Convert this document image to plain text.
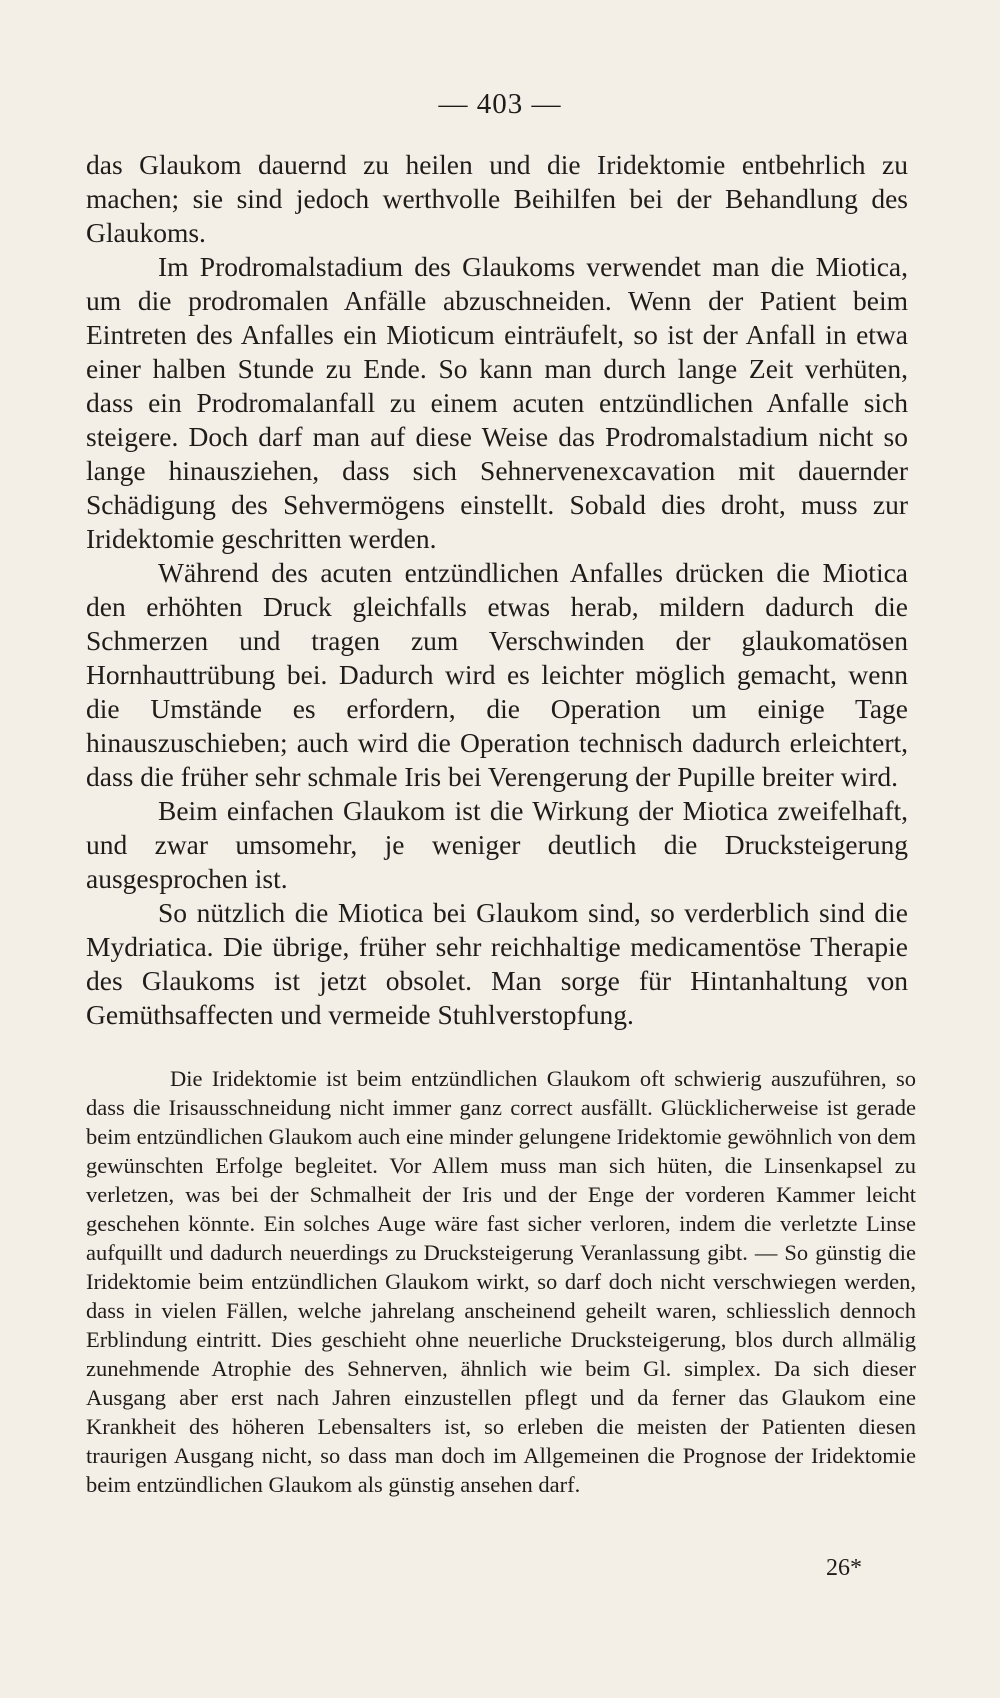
— 403 —

das Glaukom dauernd zu heilen und die Iridektomie entbehrlich zu machen; sie sind jedoch werthvolle Beihilfen bei der Behandlung des Glaukoms.

Im Prodromalstadium des Glaukoms verwendet man die Miotica, um die prodromalen Anfälle abzuschneiden. Wenn der Patient beim Eintreten des Anfalles ein Mioticum einträufelt, so ist der Anfall in etwa einer halben Stunde zu Ende. So kann man durch lange Zeit verhüten, dass ein Prodromalanfall zu einem acuten entzündlichen Anfalle sich steigere. Doch darf man auf diese Weise das Prodromalstadium nicht so lange hinausziehen, dass sich Sehnervenexcavation mit dauernder Schädigung des Sehvermögens einstellt. Sobald dies droht, muss zur Iridektomie geschritten werden.

Während des acuten entzündlichen Anfalles drücken die Miotica den erhöhten Druck gleichfalls etwas herab, mildern dadurch die Schmerzen und tragen zum Verschwinden der glaukomatösen Hornhauttrübung bei. Dadurch wird es leichter möglich gemacht, wenn die Umstände es erfordern, die Operation um einige Tage hinauszuschieben; auch wird die Operation technisch dadurch erleichtert, dass die früher sehr schmale Iris bei Verengerung der Pupille breiter wird.

Beim einfachen Glaukom ist die Wirkung der Miotica zweifelhaft, und zwar umsomehr, je weniger deutlich die Drucksteigerung ausgesprochen ist.

So nützlich die Miotica bei Glaukom sind, so verderblich sind die Mydriatica. Die übrige, früher sehr reichhaltige medicamentöse Therapie des Glaukoms ist jetzt obsolet. Man sorge für Hintanhaltung von Gemüthsaffecten und vermeide Stuhlverstopfung.

Die Iridektomie ist beim entzündlichen Glaukom oft schwierig auszuführen, so dass die Irisausschneidung nicht immer ganz correct ausfällt. Glücklicherweise ist gerade beim entzündlichen Glaukom auch eine minder gelungene Iridektomie gewöhnlich von dem gewünschten Erfolge begleitet. Vor Allem muss man sich hüten, die Linsenkapsel zu verletzen, was bei der Schmalheit der Iris und der Enge der vorderen Kammer leicht geschehen könnte. Ein solches Auge wäre fast sicher verloren, indem die verletzte Linse aufquillt und dadurch neuerdings zu Drucksteigerung Veranlassung gibt. — So günstig die Iridektomie beim entzündlichen Glaukom wirkt, so darf doch nicht verschwiegen werden, dass in vielen Fällen, welche jahrelang anscheinend geheilt waren, schliesslich dennoch Erblindung eintritt. Dies geschieht ohne neuerliche Drucksteigerung, blos durch allmälig zunehmende Atrophie des Sehnerven, ähnlich wie beim Gl. simplex. Da sich dieser Ausgang aber erst nach Jahren einzustellen pflegt und da ferner das Glaukom eine Krankheit des höheren Lebensalters ist, so erleben die meisten der Patienten diesen traurigen Ausgang nicht, so dass man doch im Allgemeinen die Prognose der Iridektomie beim entzündlichen Glaukom als günstig ansehen darf.

26*
